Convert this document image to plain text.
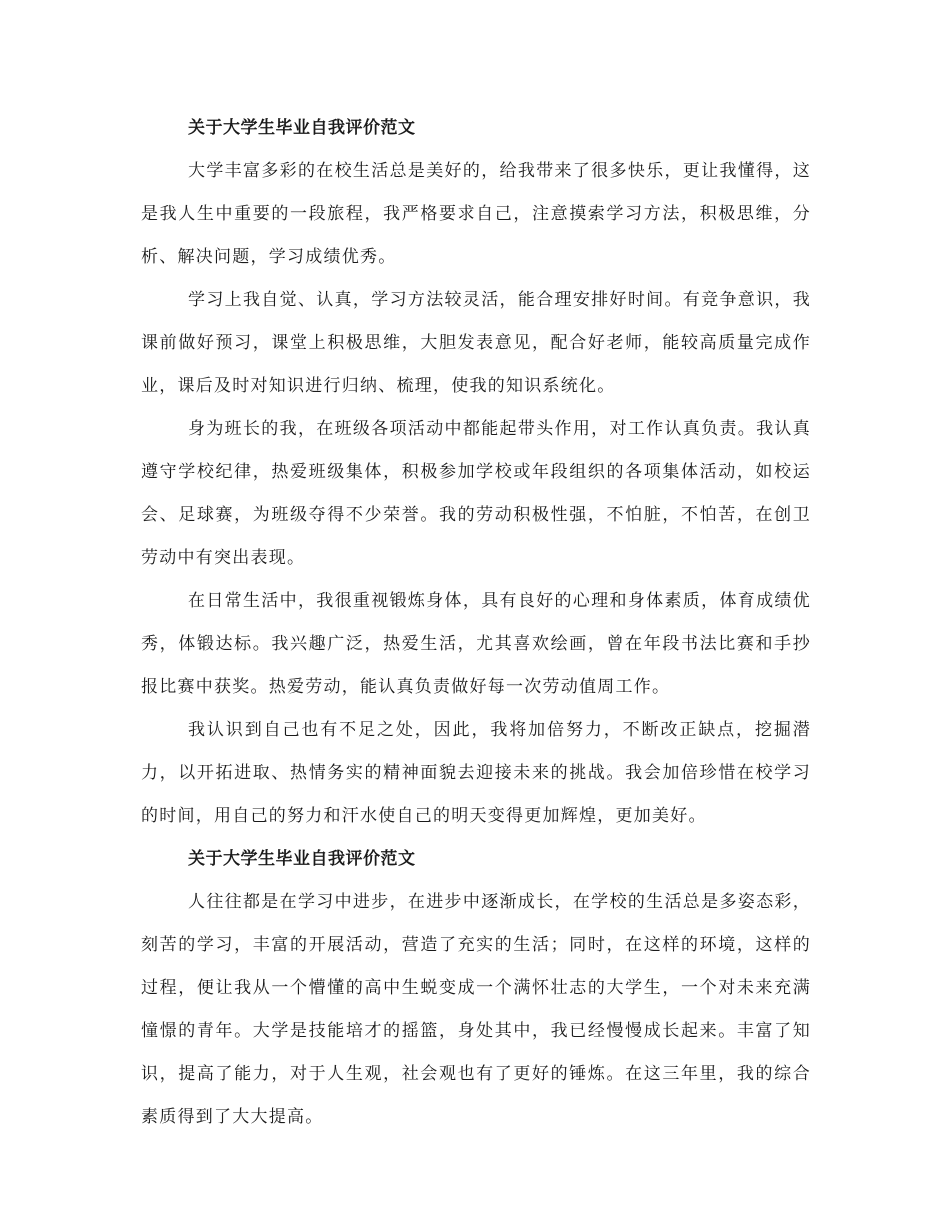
关于大学生毕业自我评价范文

大学丰富多彩的在校生活总是美好的，给我带来了很多快乐，更让我懂得，这是我人生中重要的一段旅程，我严格要求自己，注意摸索学习方法，积极思维，分析、解决问题，学习成绩优秀。

学习上我自觉、认真，学习方法较灵活，能合理安排好时间。有竞争意识，我课前做好预习，课堂上积极思维，大胆发表意见，配合好老师，能较高质量完成作业，课后及时对知识进行归纳、梳理，使我的知识系统化。

身为班长的我，在班级各项活动中都能起带头作用，对工作认真负责。我认真遵守学校纪律，热爱班级集体，积极参加学校或年段组织的各项集体活动，如校运会、足球赛，为班级夺得不少荣誉。我的劳动积极性强，不怕脏，不怕苦，在创卫劳动中有突出表现。

在日常生活中，我很重视锻炼身体，具有良好的心理和身体素质，体育成绩优秀，体锻达标。我兴趣广泛，热爱生活，尤其喜欢绘画，曾在年段书法比赛和手抄报比赛中获奖。热爱劳动，能认真负责做好每一次劳动值周工作。

我认识到自己也有不足之处，因此，我将加倍努力，不断改正缺点，挖掘潜力，以开拓进取、热情务实的精神面貌去迎接未来的挑战。我会加倍珍惜在校学习的时间，用自己的努力和汗水使自己的明天变得更加辉煌，更加美好。

关于大学生毕业自我评价范文

人往往都是在学习中进步，在进步中逐渐成长，在学校的生活总是多姿态彩，刻苦的学习，丰富的开展活动，营造了充实的生活；同时，在这样的环境，这样的过程，便让我从一个懵懂的高中生蜕变成一个满怀壮志的大学生，一个对未来充满憧憬的青年。大学是技能培才的摇篮，身处其中，我已经慢慢成长起来。丰富了知识，提高了能力，对于人生观，社会观也有了更好的锤炼。在这三年里，我的综合素质得到了大大提高。
